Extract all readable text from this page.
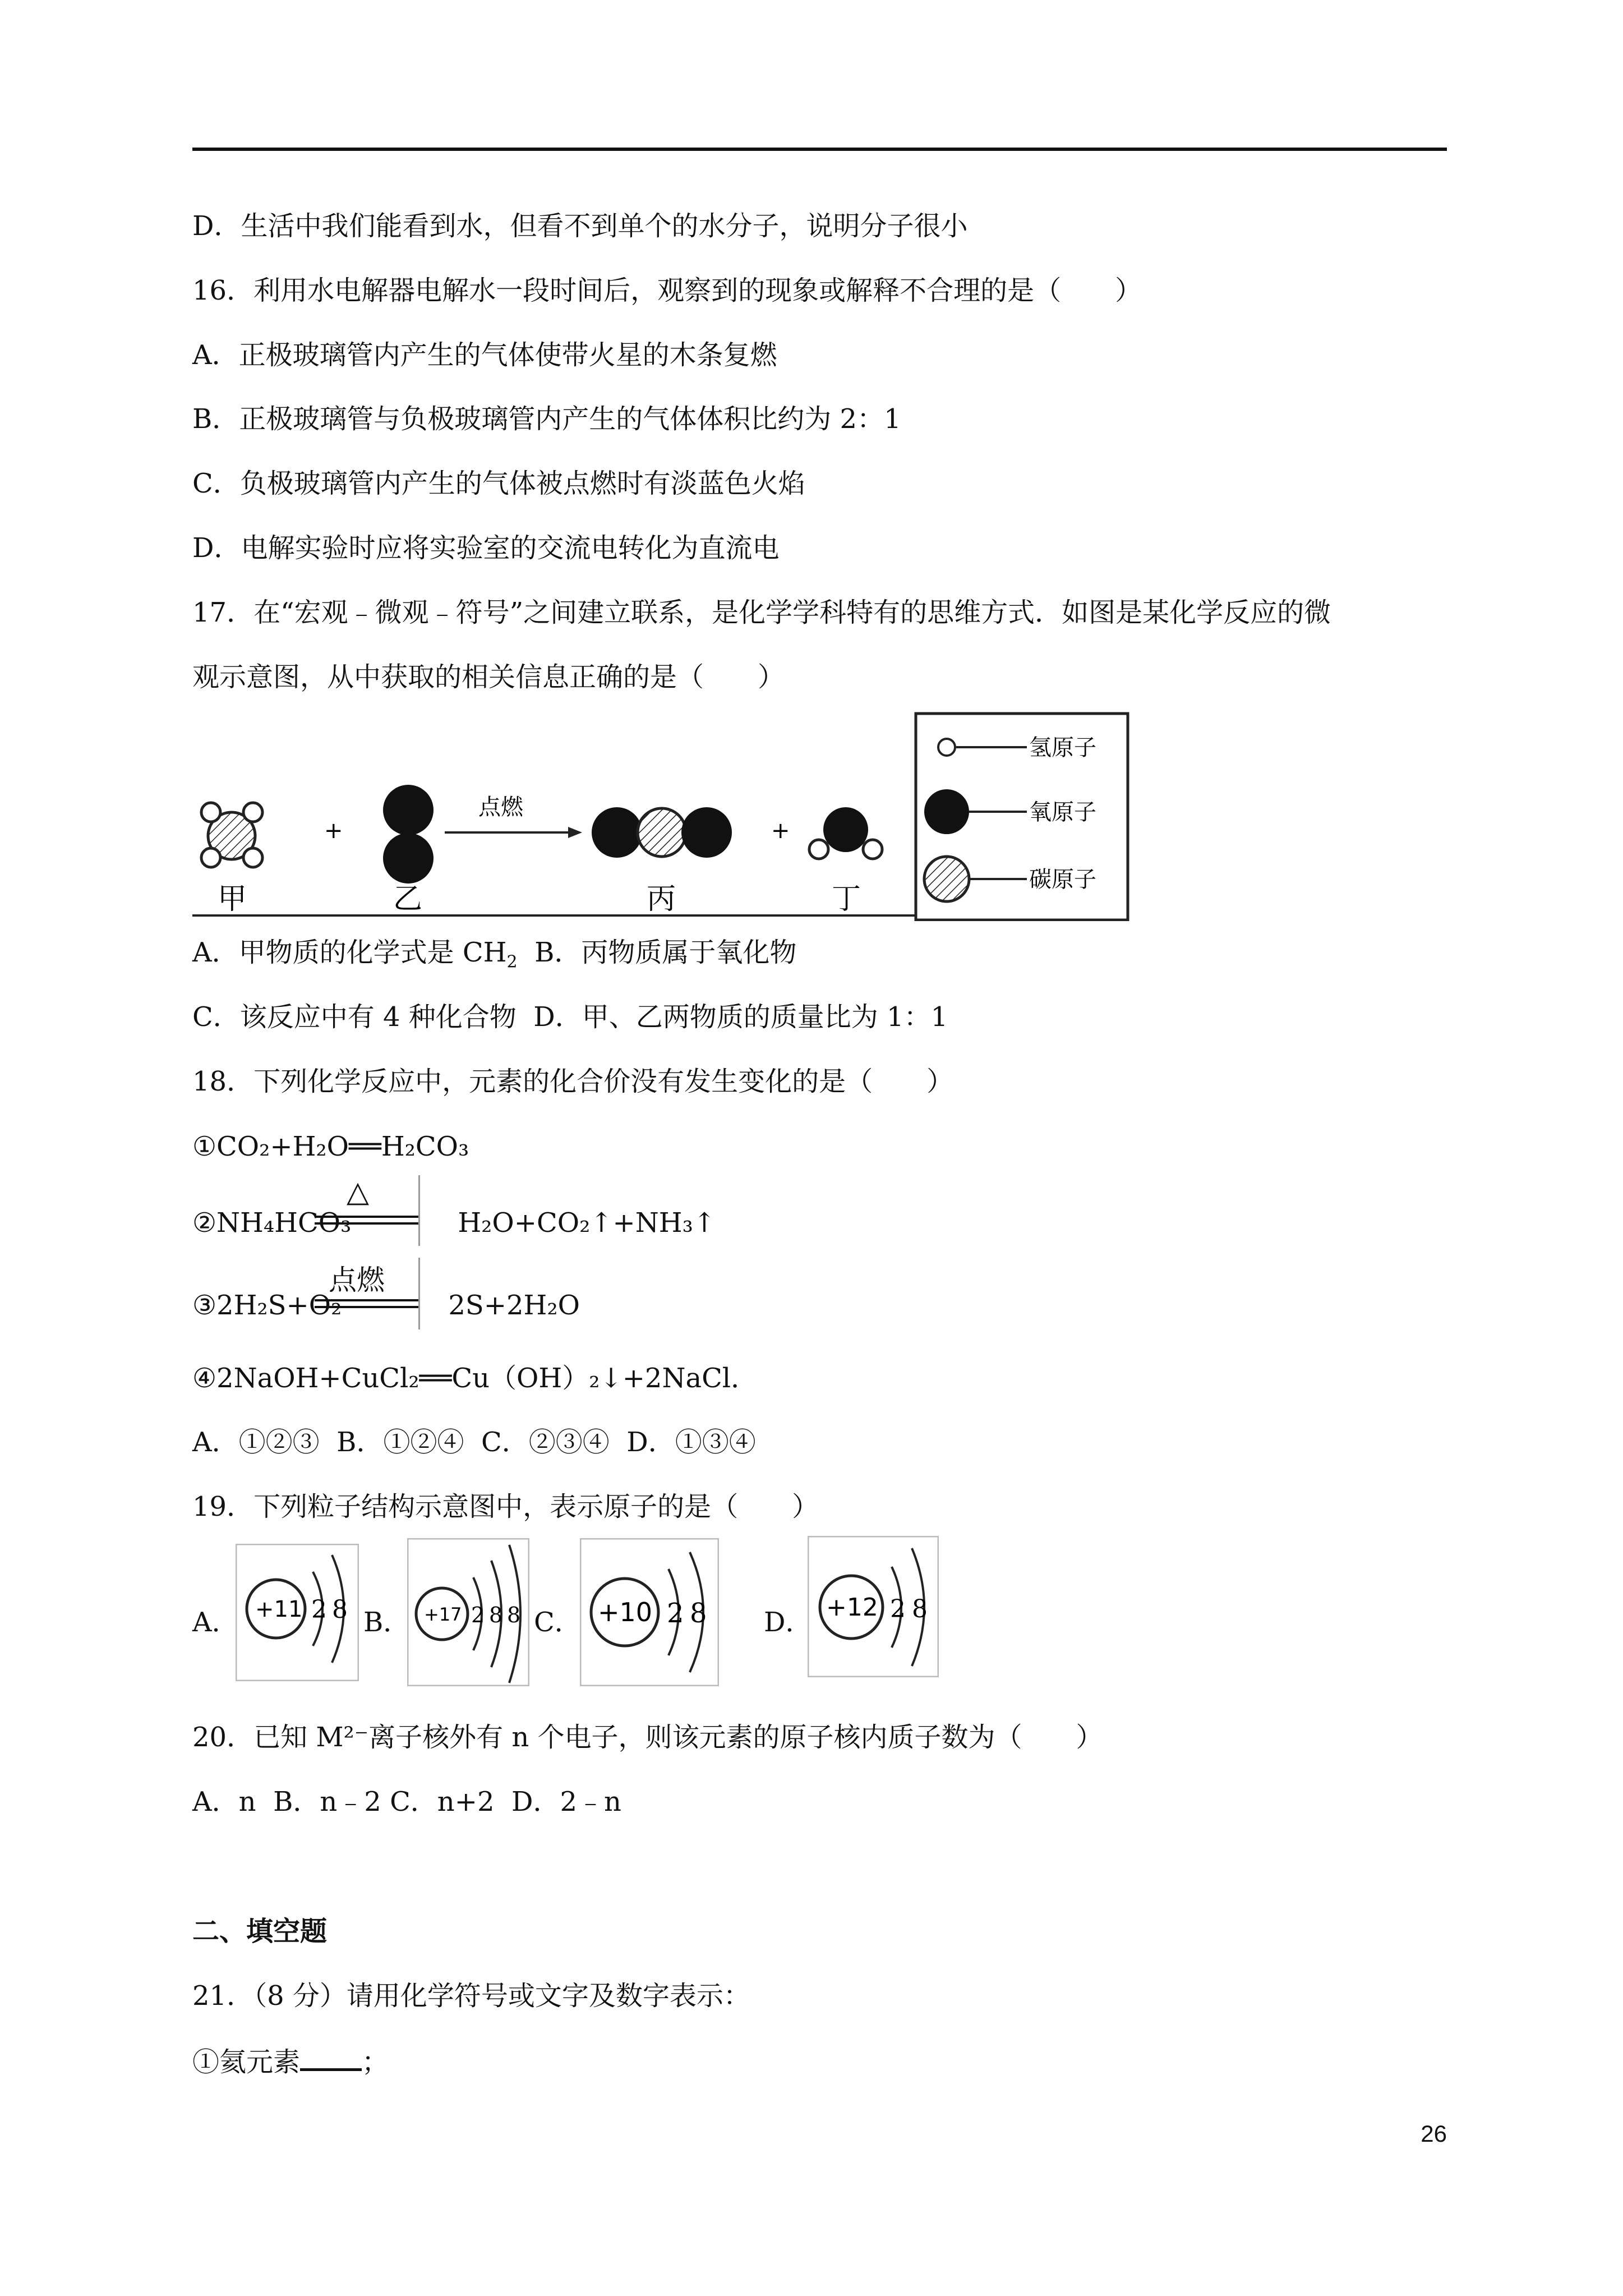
D．生活中我们能看到水，但看不到单个的水分子，说明分子很小
16．利用水电解器电解水一段时间后，观察到的现象或解释不合理的是（　　）
A．正极玻璃管内产生的气体使带火星的木条复燃
B．正极玻璃管与负极玻璃管内产生的气体体积比约为 2：1
C．负极玻璃管内产生的气体被点燃时有淡蓝色火焰
D．电解实验时应将实验室的交流电转化为直流电
17．在“宏观﹣微观﹣符号”之间建立联系，是化学学科特有的思维方式．如图是某化学反应的微
观示意图，从中获取的相关信息正确的是（　　）
+
点燃
+
甲	乙	丙	丁
氢原子
氧原子
碳原子
A．甲物质的化学式是 $CH_2$  B．丙物质属于氧化物
C．该反应中有 4 种化合物  D．甲、乙两物质的质量比为 1：1
18．下列化学反应中，元素的化合价没有发生变化的是（　　）
①CO₂+H₂O══H₂CO₃
②NH₄HCO₃	H₂O+CO₂↑+NH₃↑
△
③2H₂S+O₂	2S+2H₂O
点燃
④2NaOH+CuCl₂══Cu（OH）₂↓+2NaCl．
A．①②③  B．①②④  C．②③④  D．①③④
19．下列粒子结构示意图中，表示原子的是（　　）
A． +11 2 8 B． +17 2 8 8 C． +10 2 8 D． +12 2 8
20．已知 M²⁻离子核外有 n 个电子，则该元素的原子核内质子数为（　　）
A．n  B．n﹣2 C．n+2  D．2﹣n
二、填空题
21．（8 分）请用化学符号或文字及数字表示：
①氦元素 ；
26
